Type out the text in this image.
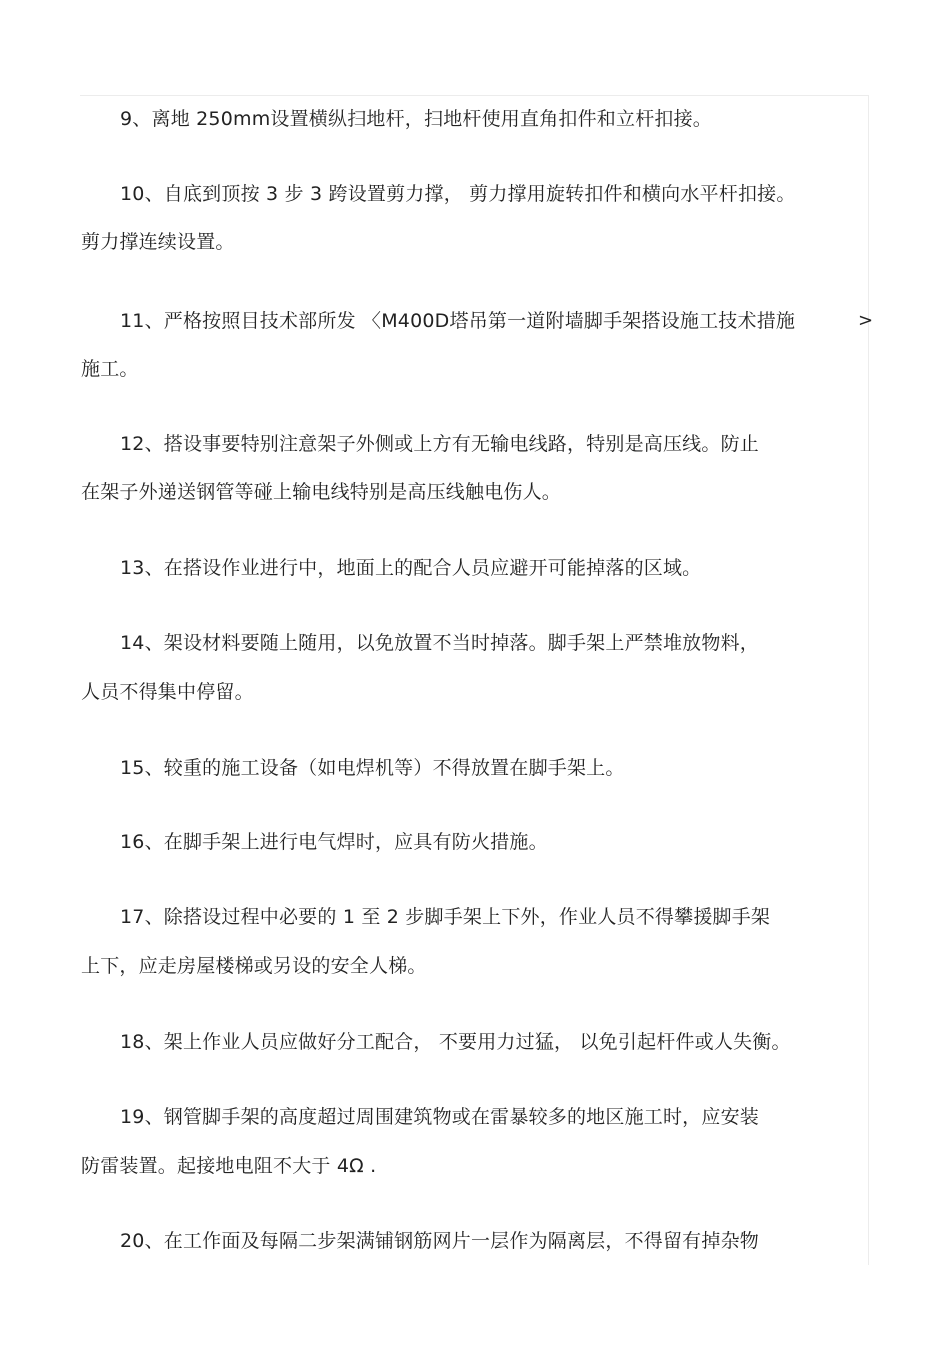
9、离地 250mm设置横纵扫地杆，扫地杆使用直角扣件和立杆扣接。
10、自底到顶按 3 步 3 跨设置剪力撑， 剪力撑用旋转扣件和横向水平杆扣接。
剪力撑连续设置。
11、严格按照目技术部所发 〈M400D塔吊第一道附墙脚手架搭设施工技术措施	>
施工。
12、搭设事要特别注意架子外侧或上方有无输电线路，特别是高压线。防止
在架子外递送钢管等碰上输电线特别是高压线触电伤人。
13、在搭设作业进行中，地面上的配合人员应避开可能掉落的区域。
14、架设材料要随上随用，以免放置不当时掉落。脚手架上严禁堆放物料，
人员不得集中停留。
15、较重的施工设备（如电焊机等）不得放置在脚手架上。
16、在脚手架上进行电气焊时，应具有防火措施。
17、除搭设过程中必要的 1 至 2 步脚手架上下外，作业人员不得攀援脚手架
上下，应走房屋楼梯或另设的安全人梯。
18、架上作业人员应做好分工配合， 不要用力过猛， 以免引起杆件或人失衡。
19、钢管脚手架的高度超过周围建筑物或在雷暴较多的地区施工时，应安装
防雷装置。起接地电阻不大于 4Ω .
20、在工作面及每隔二步架满铺钢筋网片一层作为隔离层，不得留有掉杂物
